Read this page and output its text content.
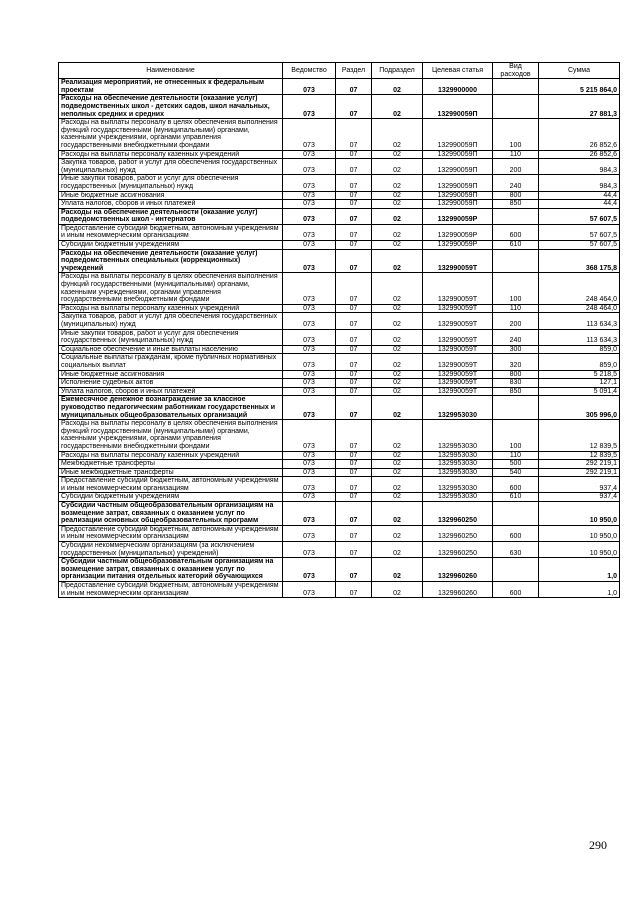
Наименование	Ведомство	Раздел	Подраздел	Целевая статья	Вид расходов	Сумма
Реализация мероприятий, не отнесенных к федеральным проектам	073	07	02	1329900000		5 215 864,0
Расходы на обеспечение деятельности (оказание услуг) подведомственных школ - детских садов, школ начальных, неполных средних и средних	073	07	02	132990059П		27 881,3
Расходы на выплаты персоналу в целях обеспечения выполнения функций государственными (муниципальными) органами, казенными учреждениями, органами управления государственными внебюджетными фондами	073	07	02	132990059П	100	26 852,6
Расходы на выплаты персоналу казенных учреждений	073	07	02	132990059П	110	26 852,6
Закупка товаров, работ и услуг для обеспечения государственных (муниципальных) нужд	073	07	02	132990059П	200	984,3
Иные закупки товаров, работ и услуг для обеспечения государственных (муниципальных) нужд	073	07	02	132990059П	240	984,3
Иные бюджетные ассигнования	073	07	02	132990059П	800	44,4
Уплата налогов, сборов и иных платежей	073	07	02	132990059П	850	44,4
Расходы на обеспечение деятельности (оказание услуг) подведомственных школ - интернатов	073	07	02	132990059Р		57 607,5
Предоставление субсидий бюджетным, автономным учреждениям и иным некоммерческим организациям	073	07	02	132990059Р	600	57 607,5
Субсидии бюджетным учреждениям	073	07	02	132990059Р	610	57 607,5
Расходы на обеспечение деятельности (оказание услуг) подведомственных специальных (коррекционных) учреждений	073	07	02	132990059Т		368 175,8
Расходы на выплаты персоналу в целях обеспечения выполнения функций государственными (муниципальными) органами, казенными учреждениями, органами управления государственными внебюджетными фондами	073	07	02	132990059Т	100	248 464,0
Расходы на выплаты персоналу казенных учреждений	073	07	02	132990059Т	110	248 464,0
Закупка товаров, работ и услуг для обеспечения государственных (муниципальных) нужд	073	07	02	132990059Т	200	113 634,3
Иные закупки товаров, работ и услуг для обеспечения государственных (муниципальных) нужд	073	07	02	132990059Т	240	113 634,3
Социальное обеспечение и иные выплаты населению	073	07	02	132990059Т	300	859,0
Социальные выплаты гражданам, кроме публичных нормативных социальных выплат	073	07	02	132990059Т	320	859,0
Иные бюджетные ассигнования	073	07	02	132990059Т	800	5 218,5
Исполнение судебных актов	073	07	02	132990059Т	830	127,1
Уплата налогов, сборов и иных платежей	073	07	02	132990059Т	850	5 091,4
Ежемесячное денежное вознаграждение за классное руководство педагогическим работникам государственных и муниципальных общеобразовательных организаций	073	07	02	1329953030		305 996,0
Расходы на выплаты персоналу в целях обеспечения выполнения функций государственными (муниципальными) органами, казенными учреждениями, органами управления государственными внебюджетными фондами	073	07	02	1329953030	100	12 839,5
Расходы на выплаты персоналу казенных учреждений	073	07	02	1329953030	110	12 839,5
Межбюджетные трансферты	073	07	02	1329953030	500	292 219,1
Иные межбюджетные трансферты	073	07	02	1329953030	540	292 219,1
Предоставление субсидий бюджетным, автономным учреждениям и иным некоммерческим организациям	073	07	02	1329953030	600	937,4
Субсидии бюджетным учреждениям	073	07	02	1329953030	610	937,4
Субсидии частным общеобразовательным организациям на возмещение затрат, связанных с оказанием услуг по реализации основных общеобразовательных программ	073	07	02	1329960250		10 950,0
Предоставление субсидий бюджетным, автономным учреждениям и иным некоммерческим организациям	073	07	02	1329960250	600	10 950,0
Субсидии некоммерческим организациям (за исключением государственных (муниципальных) учреждений)	073	07	02	1329960250	630	10 950,0
Субсидии частным общеобразовательным организациям на возмещение затрат, связанных с оказанием услуг по организации питания отдельных категорий обучающихся	073	07	02	1329960260		1,0
Предоставление субсидий бюджетным, автономным учреждениям и иным некоммерческим организациям	073	07	02	1329960260	600	1,0
290
